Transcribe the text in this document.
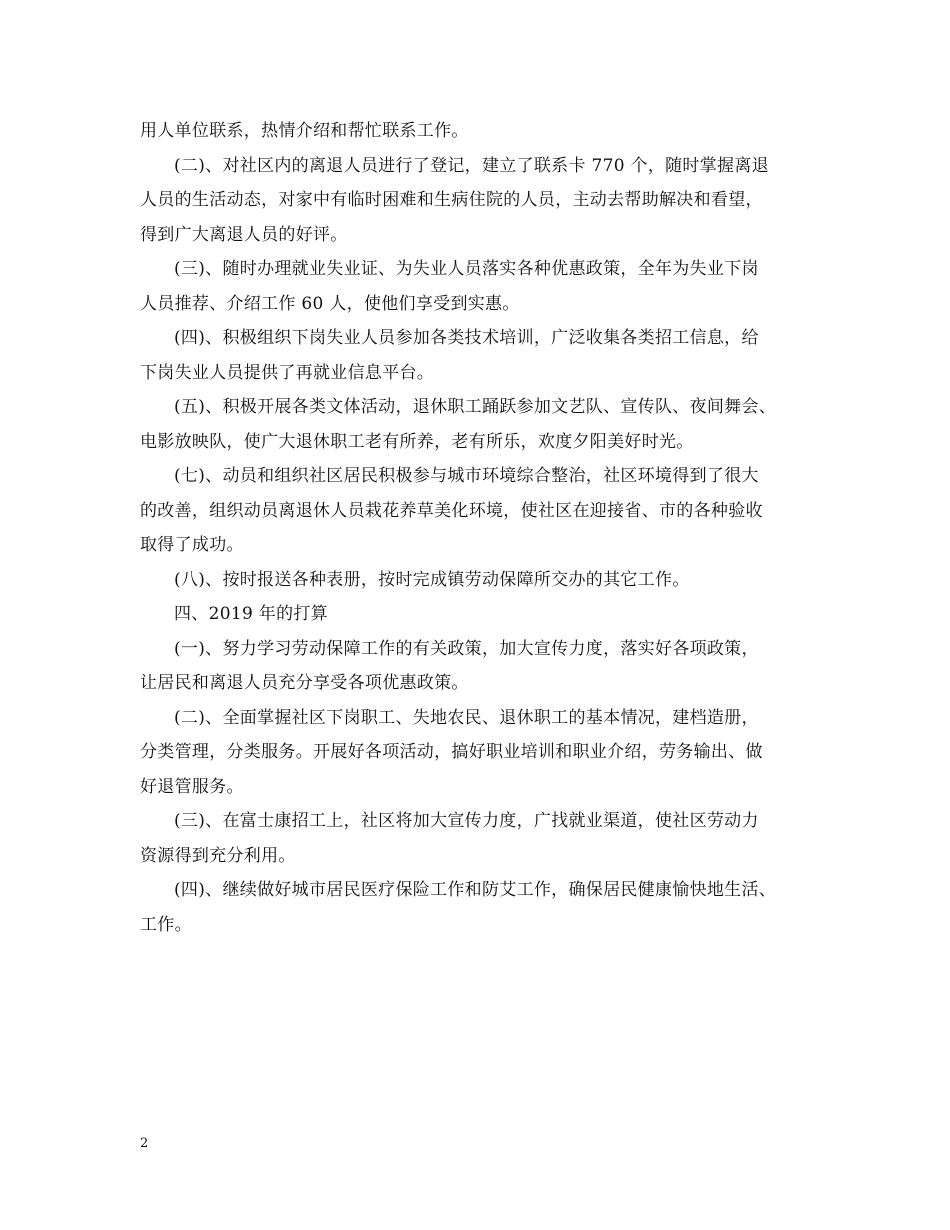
用人单位联系，热情介绍和帮忙联系工作。
(二)、对社区内的离退人员进行了登记，建立了联系卡 770 个，随时掌握离退
人员的生活动态，对家中有临时困难和生病住院的人员，主动去帮助解决和看望，
得到广大离退人员的好评。
(三)、随时办理就业失业证、为失业人员落实各种优惠政策，全年为失业下岗
人员推荐、介绍工作 60 人，使他们享受到实惠。
(四)、积极组织下岗失业人员参加各类技术培训，广泛收集各类招工信息，给
下岗失业人员提供了再就业信息平台。
(五)、积极开展各类文体活动，退休职工踊跃参加文艺队、宣传队、夜间舞会、
电影放映队，使广大退休职工老有所养，老有所乐，欢度夕阳美好时光。
(七)、动员和组织社区居民积极参与城市环境综合整治，社区环境得到了很大
的改善，组织动员离退休人员栽花养草美化环境，使社区在迎接省、市的各种验收
取得了成功。
(八)、按时报送各种表册，按时完成镇劳动保障所交办的其它工作。
四、2019 年的打算
(一)、努力学习劳动保障工作的有关政策，加大宣传力度，落实好各项政策，
让居民和离退人员充分享受各项优惠政策。
(二)、全面掌握社区下岗职工、失地农民、退休职工的基本情况，建档造册，
分类管理，分类服务。开展好各项活动，搞好职业培训和职业介绍，劳务输出、做
好退管服务。
(三)、在富士康招工上，社区将加大宣传力度，广找就业渠道，使社区劳动力
资源得到充分利用。
(四)、继续做好城市居民医疗保险工作和防艾工作，确保居民健康愉快地生活、
工作。
2
